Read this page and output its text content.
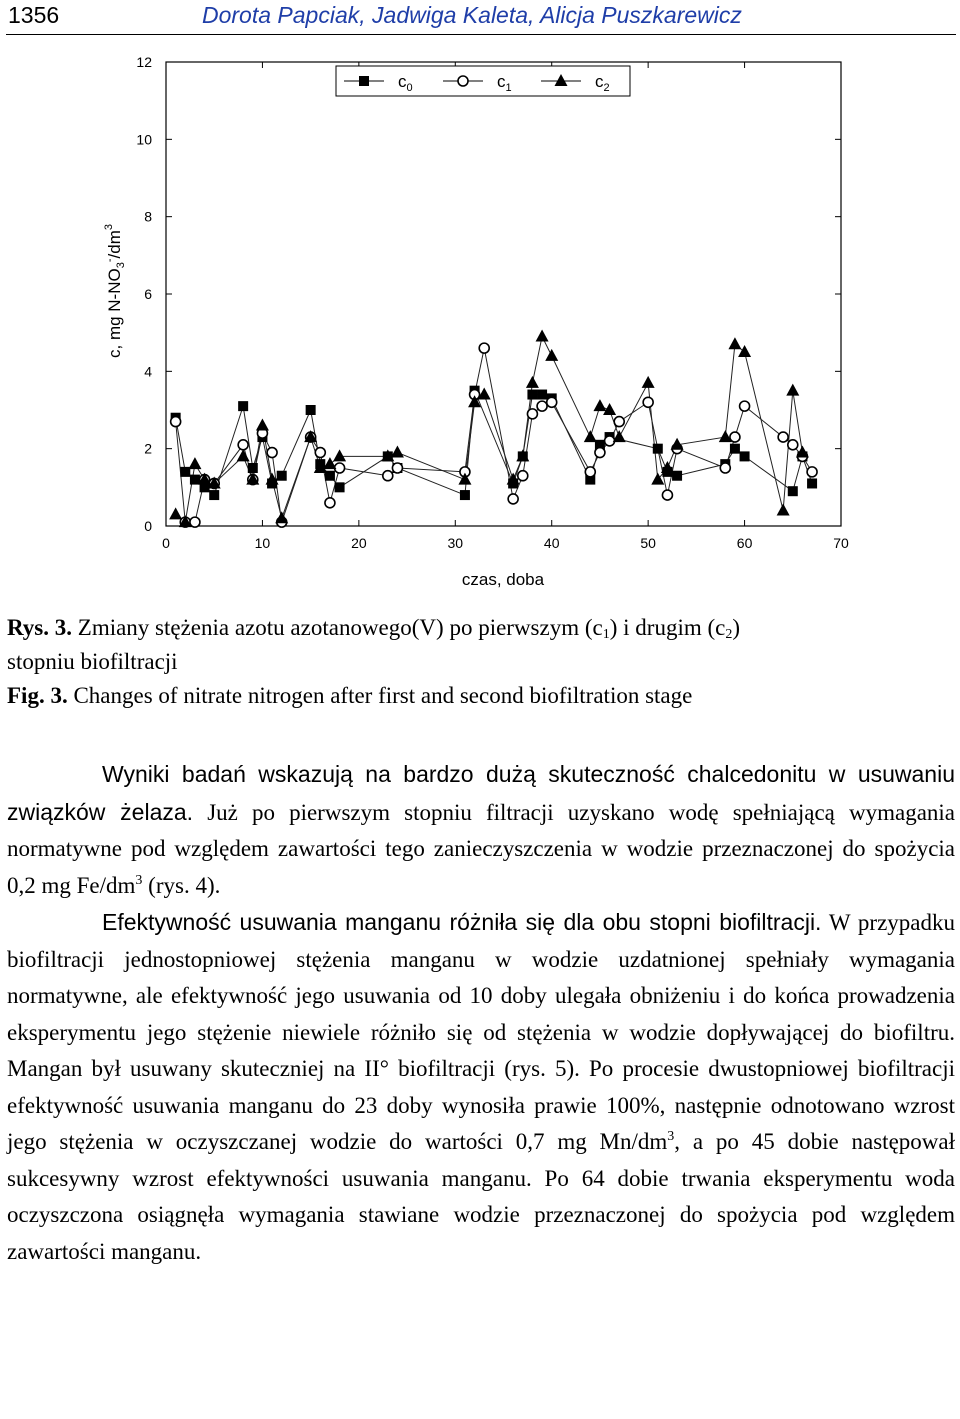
1356	Dorota Papciak, Jadwiga Kaleta, Alicja Puszkarewicz
0	10	20	30	40	50	60	70
0
2
4
6
8
10
12
czas, doba
c, mg $N-NO_3^-/dm^3$
$c_0$	$c_1$	$c_2$
Rys. 3. Zmiany stężenia azotu azotanowego(V) po pierwszym $(c_1)$ i drugim $(c_2)$
stopniu biofiltracji
Fig. 3. Changes of nitrate nitrogen after first and second biofiltration stage

Wyniki badań wskazują na bardzo dużą skuteczność chalcedonitu w usuwaniu związków żelaza. Już po pierwszym stopniu filtracji uzyskano wodę spełniającą wymagania normatywne pod względem zawartości tego zanieczyszczenia w wodzie przeznaczonej do spożycia 0,2 mg $Fe/dm^3$ (rys. 4).

Efektywność usuwania manganu różniła się dla obu stopni biofiltracji. W przypadku biofiltracji jednostopniowej stężenia manganu w wodzie uzdatnionej spełniały wymagania normatywne, ale efektywność jego usuwania od 10 doby ulegała obniżeniu i do końca prowadzenia eksperymentu jego stężenie niewiele różniło się od stężenia w wodzie dopływającej do biofiltru. Mangan był usuwany skuteczniej na II° biofiltracji (rys. 5). Po procesie dwustopniowej biofiltracji efektywność usuwania manganu do 23 doby wynosiła prawie 100%, następnie odnotowano wzrost jego stężenia w oczyszczanej wodzie do wartości 0,7 mg $Mn/dm^3$, a po 45 dobie następował sukcesywny wzrost efektywności usuwania manganu. Po 64 dobie trwania eksperymentu woda oczyszczona osiągnęła wymagania stawiane wodzie przeznaczonej do spożycia pod względem zawartości manganu.
